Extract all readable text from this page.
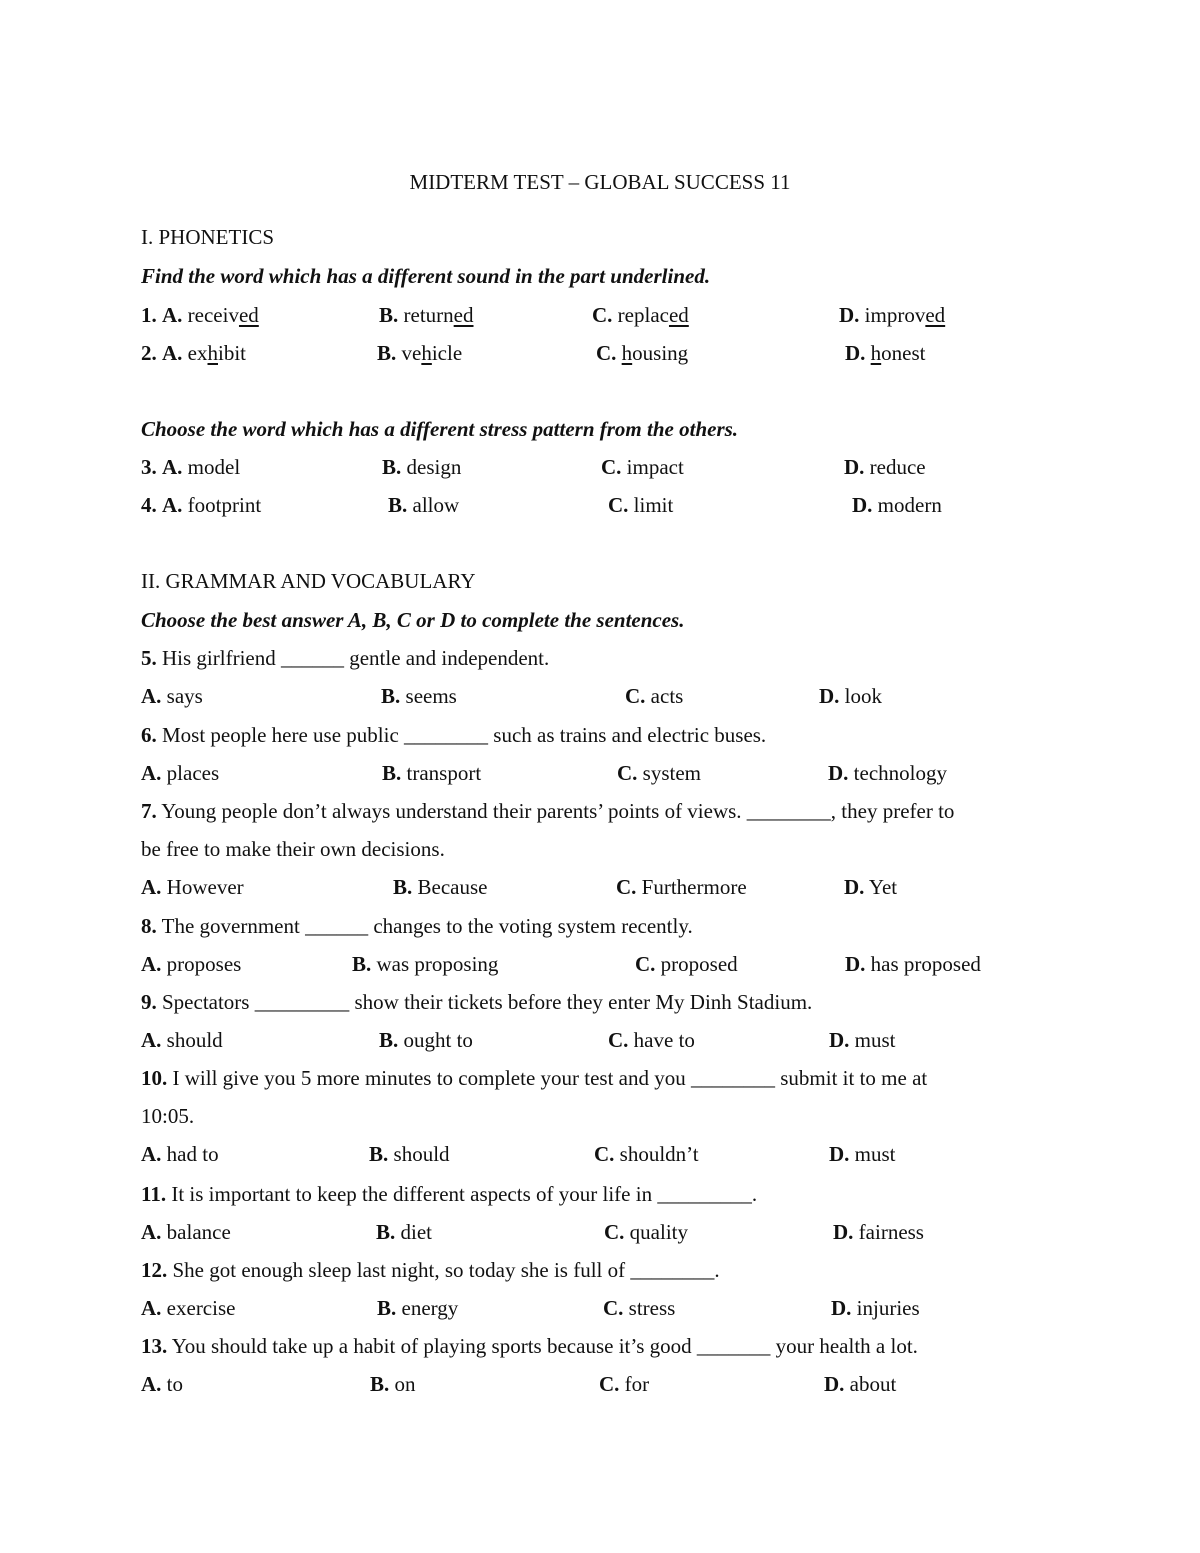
MIDTERM TEST – GLOBAL SUCCESS 11
I. PHONETICS
Find the word which has a different sound in the part underlined.
1. A. received	B. returned	C. replaced	D. improved
2. A. exhibit	B. vehicle	C. housing	D. honest
Choose the word which has a different stress pattern from the others.
3. A. model	B. design	C. impact	D. reduce
4. A. footprint	B. allow	C. limit	D. modern
II. GRAMMAR AND VOCABULARY
Choose the best answer A, B, C or D to complete the sentences.
5. His girlfriend ______ gentle and independent.
A. says	B. seems	C. acts	D. look
6. Most people here use public ________ such as trains and electric buses.
A. places	B. transport	C. system	D. technology
7. Young people don’t always understand their parents’ points of views. ________, they prefer to
be free to make their own decisions.
A. However	B. Because	C. Furthermore	D. Yet
8. The government ______ changes to the voting system recently.
A. proposes	B. was proposing	C. proposed	D. has proposed
9. Spectators _________ show their tickets before they enter My Dinh Stadium.
A. should	B. ought to	C. have to	D. must
10. I will give you 5 more minutes to complete your test and you ________ submit it to me at
10:05.
A. had to	B. should	C. shouldn’t	D. must
11. It is important to keep the different aspects of your life in _________.
A. balance	B. diet	C. quality	D. fairness
12. She got enough sleep last night, so today she is full of ________.
A. exercise	B. energy	C. stress	D. injuries
13. You should take up a habit of playing sports because it’s good _______ your health a lot.
A. to	B. on	C. for	D. about
